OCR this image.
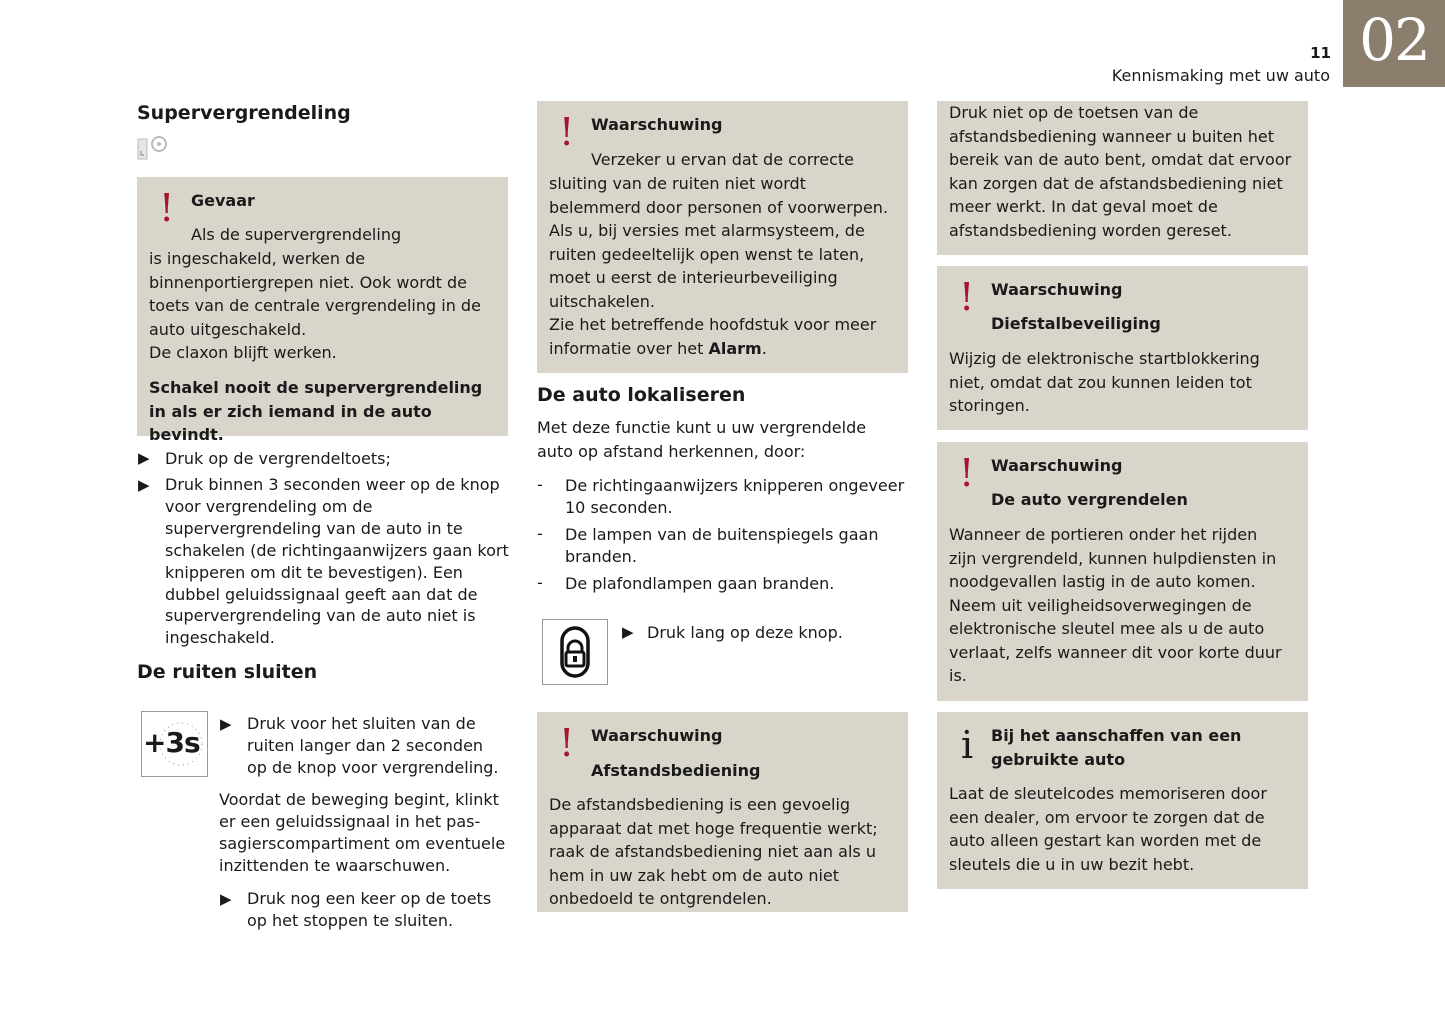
02
11
Kennismaking met uw auto
Supervergrendeling
! Gevaar

Als de supervergrendeling

is ingeschakeld, werken de binnenportiergrepen niet. Ook wordt de toets van de centrale vergrendeling in de auto uitgeschakeld.

De claxon blijft werken.

Schakel nooit de supervergrendeling in als er zich iemand in de auto bevindt.

▶ Druk op de vergrendeltoets;

▶ Druk binnen 3 seconden weer op de knop voor vergrendeling om de supervergrendeling van de auto in te schakelen (de richtingaanwijzers gaan kort knipperen om dit te bevestigen). Een dubbel geluidssignaal geeft aan dat de supervergrendeling van de auto niet is ingeschakeld.

De ruiten sluiten
+3s
▶ Druk voor het sluiten van de ruiten langer dan 2 seconden op de knop voor vergrendeling.

Voordat de beweging begint, klinkt er een geluidssignaal in het passagierscompartiment om eventuele inzittenden te waarschuwen.

▶ Druk nog een keer op de toets op het stoppen te sluiten.

! Waarschuwing

Verzeker u ervan dat de correcte

sluiting van de ruiten niet wordt belemmerd door personen of voorwerpen.

Als u, bij versies met alarmsysteem, de ruiten gedeeltelijk open wenst te laten, moet u eerst de interieurbeveiliging uitschakelen.

Zie het betreffende hoofdstuk voor meer informatie over het Alarm.

De auto lokaliseren

Met deze functie kunt u uw vergrendelde auto op afstand herkennen, door:

- De richtingaanwijzers knipperen ongeveer 10 seconden.

- De lampen van de buitenspiegels gaan branden.

- De plafondlampen gaan branden.

▶ Druk lang op deze knop.

! Waarschuwing
Afstandsbediening

De afstandsbediening is een gevoelig apparaat dat met hoge frequentie werkt; raak de afstandsbediening niet aan als u hem in uw zak hebt om de auto niet onbedoeld te ontgrendelen.

Druk niet op de toetsen van de afstandsbediening wanneer u buiten het bereik van de auto bent, omdat dat ervoor kan zorgen dat de afstandsbediening niet meer werkt. In dat geval moet de afstandsbediening worden gereset.

! Waarschuwing
Diefstalbeveiliging

Wijzig de elektronische startblokkering niet, omdat dat zou kunnen leiden tot storingen.

! Waarschuwing
De auto vergrendelen

Wanneer de portieren onder het rijden zijn vergrendeld, kunnen hulpdiensten in noodgevallen lastig in de auto komen. Neem uit veiligheidsoverwegingen de elektronische sleutel mee als u de auto verlaat, zelfs wanneer dit voor korte duur is.

i Bij het aanschaffen van een gebruikte auto

Laat de sleutelcodes memoriseren door een dealer, om ervoor te zorgen dat de auto alleen gestart kan worden met de sleutels die u in uw bezit hebt.
